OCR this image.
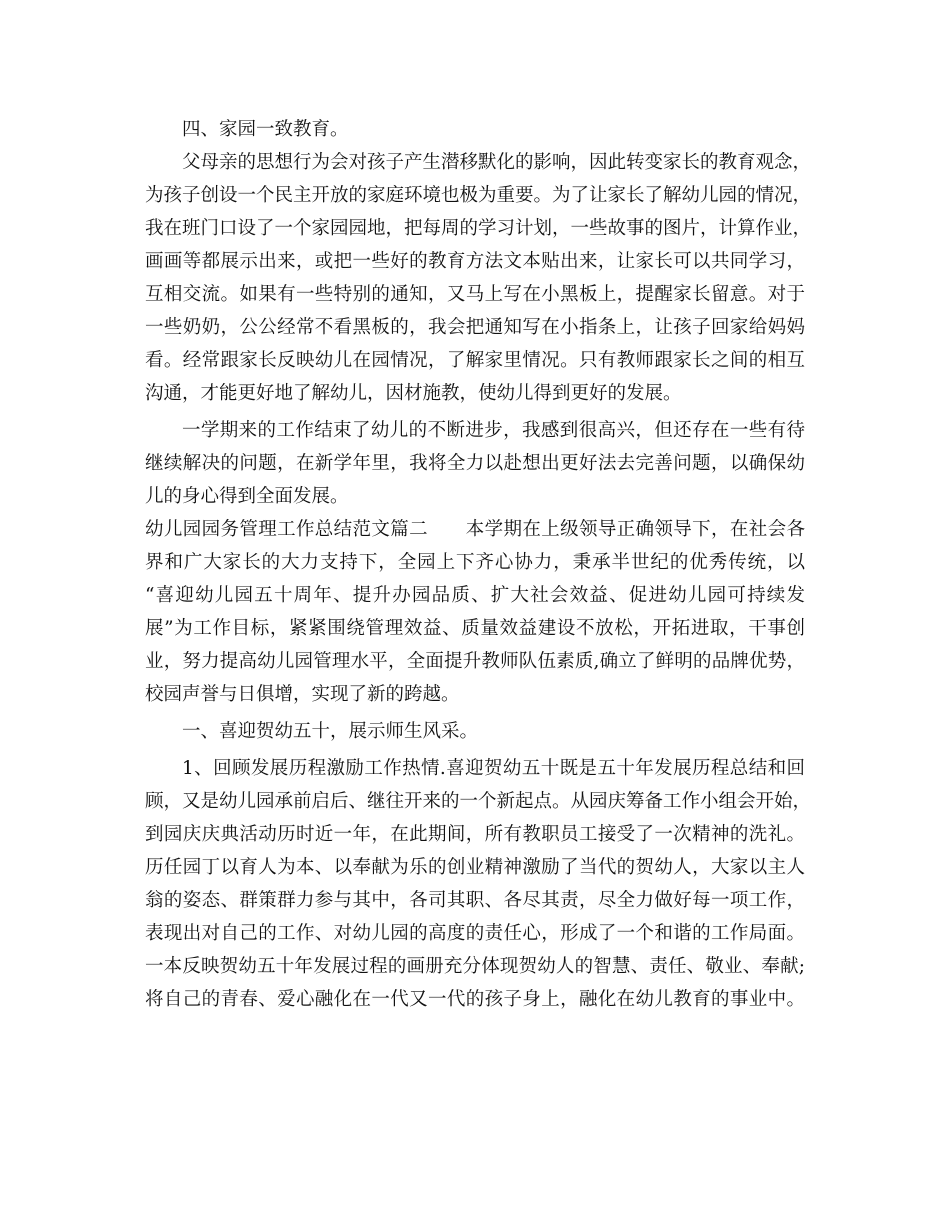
四、家园一致教育。
父母亲的思想行为会对孩子产生潜移默化的影响，因此转变家长的教育观念，
为孩子创设一个民主开放的家庭环境也极为重要。为了让家长了解幼儿园的情况，
我在班门口设了一个家园园地，把每周的学习计划，一些故事的图片，计算作业，
画画等都展示出来，或把一些好的教育方法文本贴出来，让家长可以共同学习，
互相交流。如果有一些特别的通知，又马上写在小黑板上，提醒家长留意。对于
一些奶奶，公公经常不看黑板的，我会把通知写在小指条上，让孩子回家给妈妈
看。经常跟家长反映幼儿在园情况，了解家里情况。只有教师跟家长之间的相互
沟通，才能更好地了解幼儿，因材施教，使幼儿得到更好的发展。
一学期来的工作结束了幼儿的不断进步，我感到很高兴，但还存在一些有待
继续解决的问题，在新学年里，我将全力以赴想出更好法去完善问题，以确保幼
儿的身心得到全面发展。
幼儿园园务管理工作总结范文篇二　　本学期在上级领导正确领导下，在社会各
界和广大家长的大力支持下，全园上下齐心协力，秉承半世纪的优秀传统，以
“喜迎幼儿园五十周年、提升办园品质、扩大社会效益、促进幼儿园可持续发
展”为工作目标，紧紧围绕管理效益、质量效益建设不放松，开拓进取，干事创
业，努力提高幼儿园管理水平，全面提升教师队伍素质,确立了鲜明的品牌优势，
校园声誉与日俱增，实现了新的跨越。
一、喜迎贺幼五十，展示师生风采。
1、回顾发展历程激励工作热情.喜迎贺幼五十既是五十年发展历程总结和回
顾，又是幼儿园承前启后、继往开来的一个新起点。从园庆筹备工作小组会开始，
到园庆庆典活动历时近一年，在此期间，所有教职员工接受了一次精神的洗礼。
历任园丁以育人为本、以奉献为乐的创业精神激励了当代的贺幼人，大家以主人
翁的姿态、群策群力参与其中，各司其职、各尽其责，尽全力做好每一项工作，
表现出对自己的工作、对幼儿园的高度的责任心，形成了一个和谐的工作局面。
一本反映贺幼五十年发展过程的画册充分体现贺幼人的智慧、责任、敬业、奉献;
将自己的青春、爱心融化在一代又一代的孩子身上，融化在幼儿教育的事业中。
